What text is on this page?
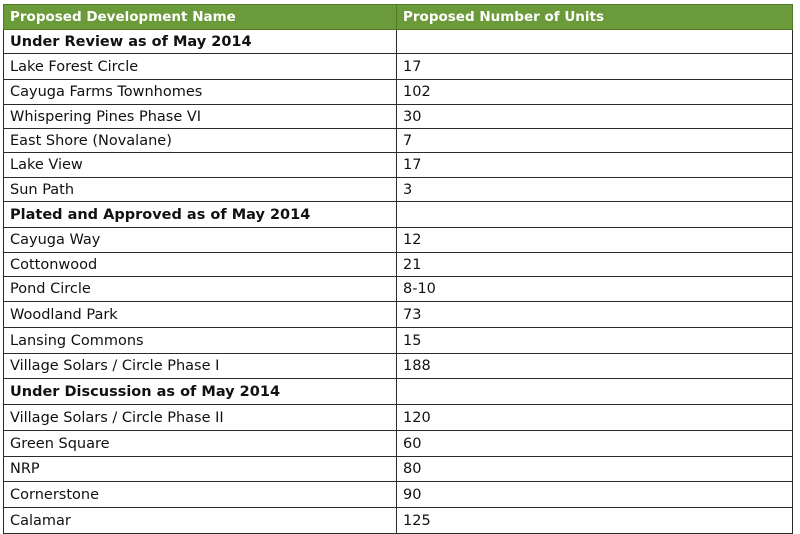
Proposed Development Name	Proposed Number of Units
Under Review as of May 2014	
Lake Forest Circle	17
Cayuga Farms Townhomes	102
Whispering Pines Phase VI	30
East Shore (Novalane)	7
Lake View	17
Sun Path	3
Plated and Approved as of May 2014	
Cayuga Way	12
Cottonwood	21
Pond Circle	8-10
Woodland Park	73
Lansing Commons	15
Village Solars / Circle Phase I	188
Under Discussion as of May 2014	
Village Solars / Circle Phase II	120
Green Square	60
NRP	80
Cornerstone	90
Calamar	125
